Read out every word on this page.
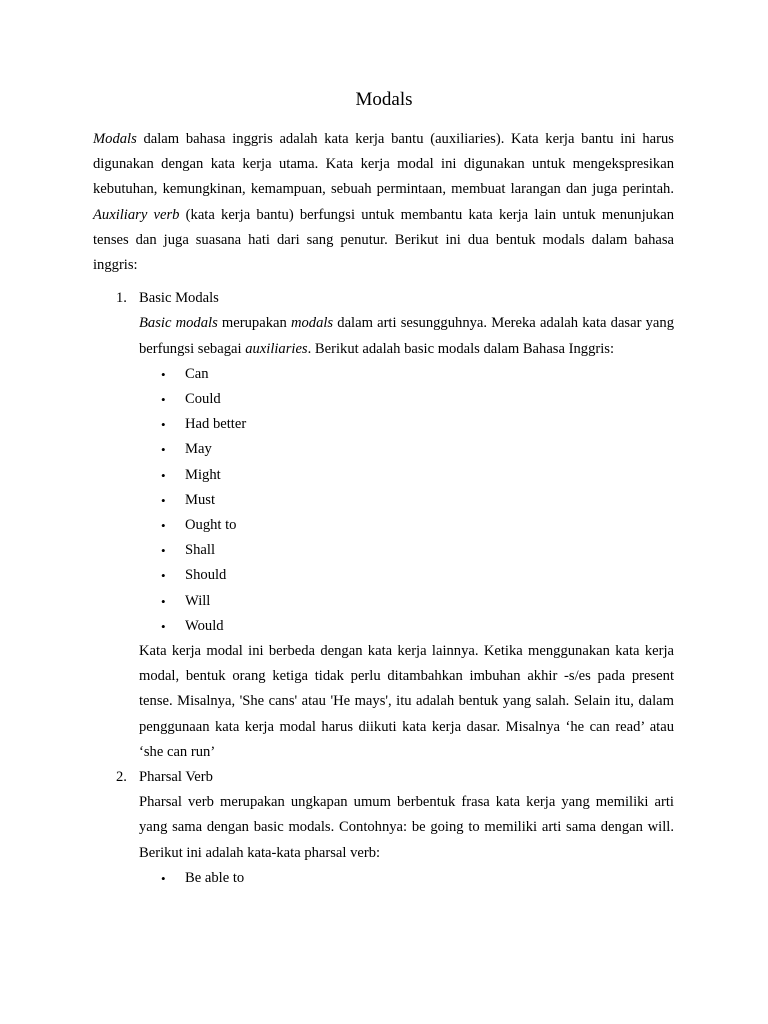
Modals

Modals dalam bahasa inggris adalah kata kerja bantu (auxiliaries). Kata kerja bantu ini harus digunakan dengan kata kerja utama. Kata kerja modal ini digunakan untuk mengekspresikan kebutuhan, kemungkinan, kemampuan, sebuah permintaan, membuat larangan dan juga perintah. Auxiliary verb (kata kerja bantu) berfungsi untuk membantu kata kerja lain untuk menunjukan tenses dan juga suasana hati dari sang penutur. Berikut ini dua bentuk modals dalam bahasa inggris:

1. Basic Modals

Basic modals merupakan modals dalam arti sesungguhnya. Mereka adalah kata dasar yang berfungsi sebagai auxiliaries. Berikut adalah basic modals dalam Bahasa Inggris:

• Can
• Could
• Had better
• May
• Might
• Must
• Ought to
• Shall
• Should
• Will
• Would

Kata kerja modal ini berbeda dengan kata kerja lainnya. Ketika menggunakan kata kerja modal, bentuk orang ketiga tidak perlu ditambahkan imbuhan akhir -s/es pada present tense. Misalnya, 'She cans' atau 'He mays', itu adalah bentuk yang salah. Selain itu, dalam penggunaan kata kerja modal harus diikuti kata kerja dasar. Misalnya ‘he can read’ atau ‘she can run’

2. Pharsal Verb

Pharsal verb merupakan ungkapan umum berbentuk frasa kata kerja yang memiliki arti yang sama dengan basic modals. Contohnya: be going to memiliki arti sama dengan will. Berikut ini adalah kata-kata pharsal verb:

• Be able to
